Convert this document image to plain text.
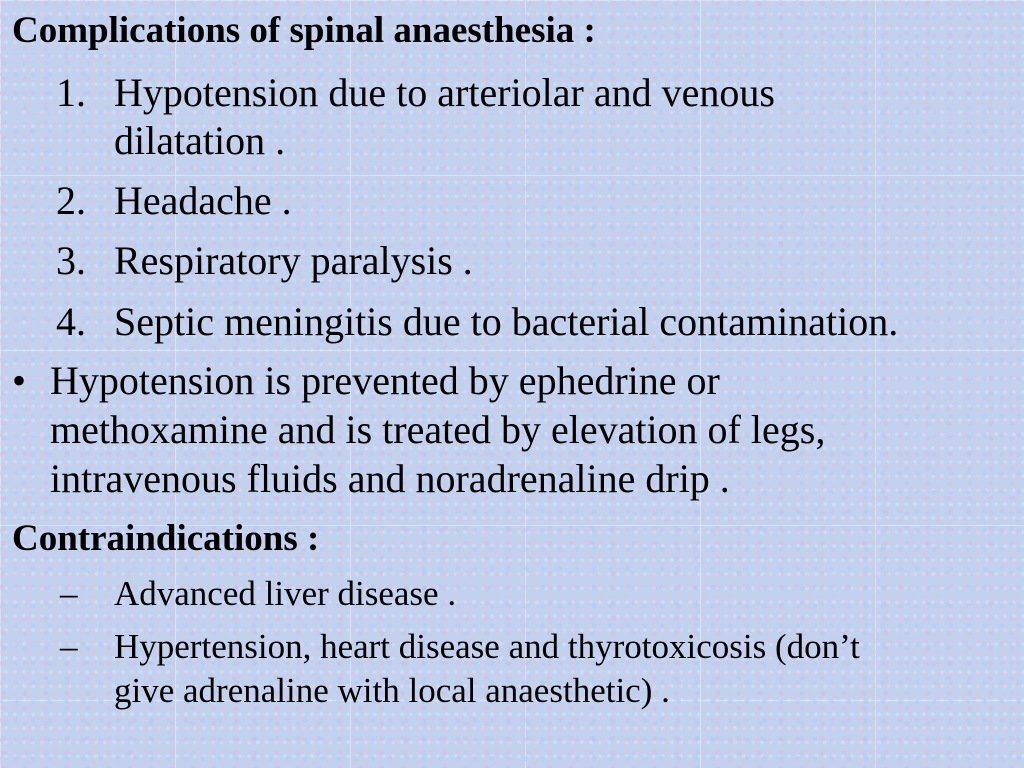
Complications of spinal anaesthesia :
1. Hypotension due to arteriolar and venous
dilatation .
2. Headache .
3. Respiratory paralysis .
4. Septic meningitis due to bacterial contamination.
• Hypotension is prevented by ephedrine or
methoxamine and is treated by elevation of legs,
intravenous fluids and noradrenaline drip .
Contraindications :
– Advanced liver disease .
– Hypertension, heart disease and thyrotoxicosis (don’t
give adrenaline with local anaesthetic) .
